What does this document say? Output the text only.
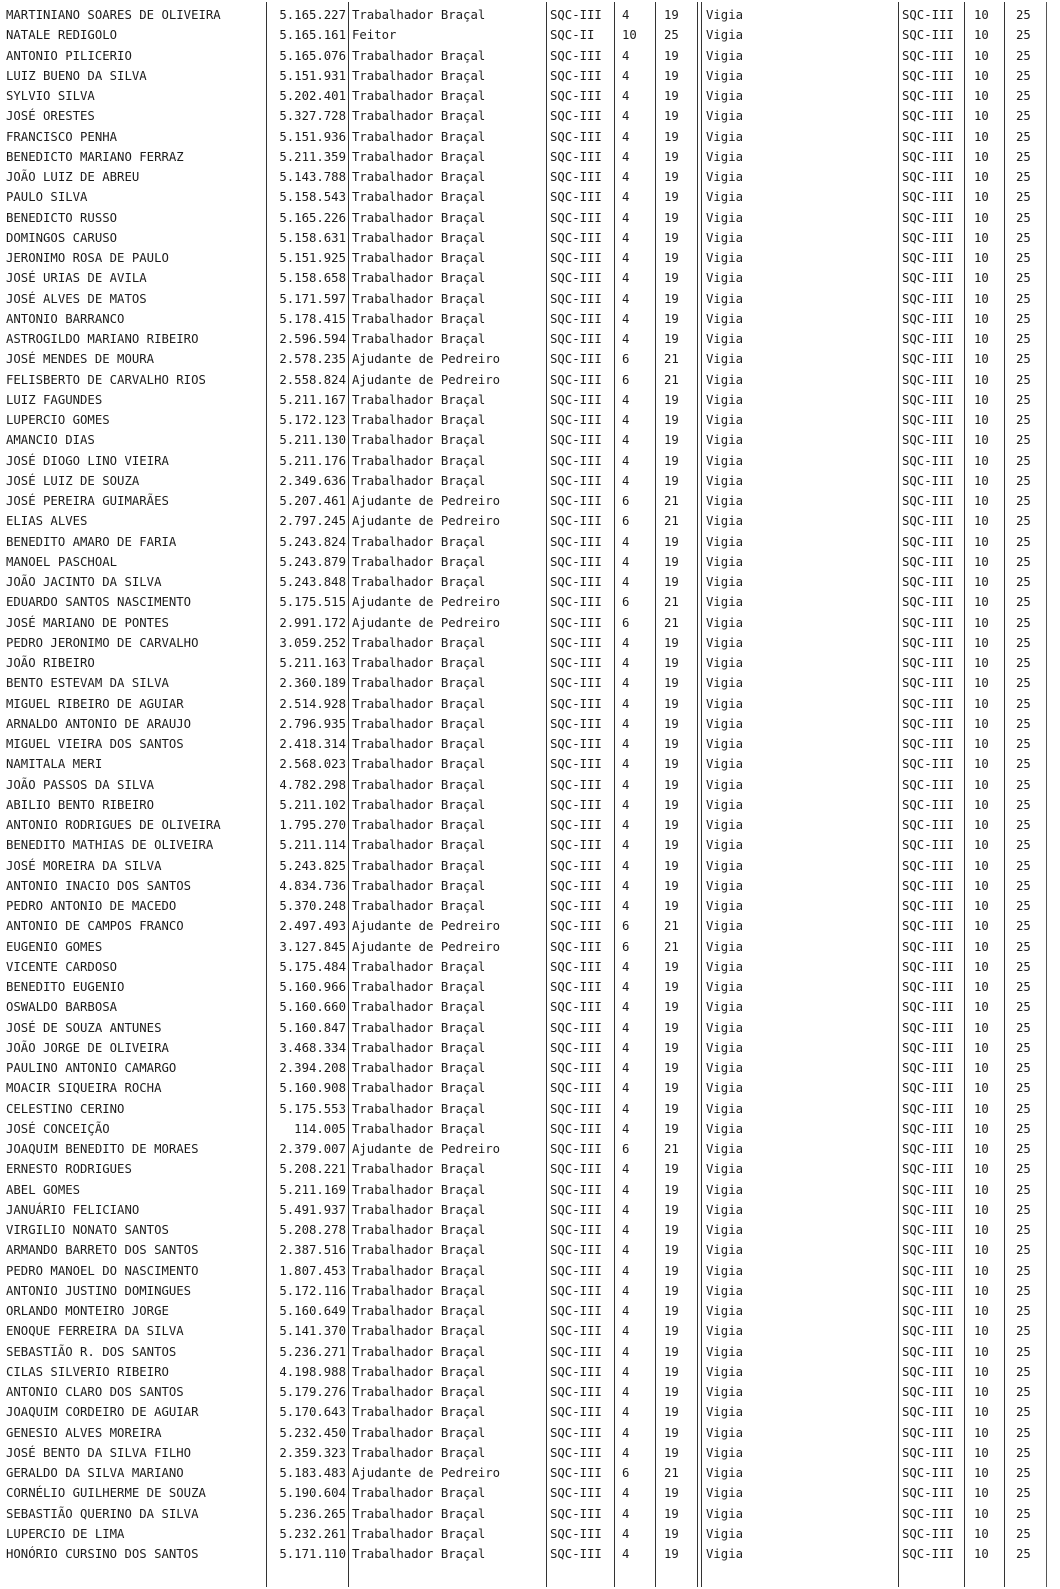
MARTINIANO SOARES DE OLIVEIRA	5.165.227 Trabalhador Braçal	SQC-III 4	19 Vigia	SQC-III 10 25
NATALE REDIGOLO	5.165.161 Feitor	SQC-II 10 25 Vigia	SQC-III 10 25
ANTONIO PILICERIO	5.165.076 Trabalhador Braçal	SQC-III 4	19 Vigia	SQC-III 10 25
LUIZ BUENO DA SILVA	5.151.931 Trabalhador Braçal	SQC-III 4	19 Vigia	SQC-III 10 25
SYLVIO SILVA	5.202.401 Trabalhador Braçal	SQC-III 4	19 Vigia	SQC-III 10 25
JOSÉ ORESTES	5.327.728 Trabalhador Braçal	SQC-III 4	19 Vigia	SQC-III 10 25
FRANCISCO PENHA	5.151.936 Trabalhador Braçal	SQC-III 4	19 Vigia	SQC-III 10 25
BENEDICTO MARIANO FERRAZ	5.211.359 Trabalhador Braçal	SQC-III 4	19 Vigia	SQC-III 10 25
JOÃO LUIZ DE ABREU	5.143.788 Trabalhador Braçal	SQC-III 4	19 Vigia	SQC-III 10 25
PAULO SILVA	5.158.543 Trabalhador Braçal	SQC-III 4	19 Vigia	SQC-III 10 25
BENEDICTO RUSSO	5.165.226 Trabalhador Braçal	SQC-III 4	19 Vigia	SQC-III 10 25
DOMINGOS CARUSO	5.158.631 Trabalhador Braçal	SQC-III 4	19 Vigia	SQC-III 10 25
JERONIMO ROSA DE PAULO	5.151.925 Trabalhador Braçal	SQC-III 4	19 Vigia	SQC-III 10 25
JOSÉ URIAS DE AVILA	5.158.658 Trabalhador Braçal	SQC-III 4	19 Vigia	SQC-III 10 25
JOSÉ ALVES DE MATOS	5.171.597 Trabalhador Braçal	SQC-III 4	19 Vigia	SQC-III 10 25
ANTONIO BARRANCO	5.178.415 Trabalhador Braçal	SQC-III 4	19 Vigia	SQC-III 10 25
ASTROGILDO MARIANO RIBEIRO	2.596.594 Trabalhador Braçal	SQC-III 4	19 Vigia	SQC-III 10 25
JOSÉ MENDES DE MOURA	2.578.235 Ajudante de Pedreiro	SQC-III 6	21 Vigia	SQC-III 10 25
FELISBERTO DE CARVALHO RIOS	2.558.824 Ajudante de Pedreiro	SQC-III 6	21 Vigia	SQC-III 10 25
LUIZ FAGUNDES	5.211.167 Trabalhador Braçal	SQC-III 4	19 Vigia	SQC-III 10 25
LUPERCIO GOMES	5.172.123 Trabalhador Braçal	SQC-III 4	19 Vigia	SQC-III 10 25
AMANCIO DIAS	5.211.130 Trabalhador Braçal	SQC-III 4	19 Vigia	SQC-III 10 25
JOSÉ DIOGO LINO VIEIRA	5.211.176 Trabalhador Braçal	SQC-III 4	19 Vigia	SQC-III 10 25
JOSÉ LUIZ DE SOUZA	2.349.636 Trabalhador Braçal	SQC-III 4	19 Vigia	SQC-III 10 25
JOSÉ PEREIRA GUIMARÃES	5.207.461 Ajudante de Pedreiro	SQC-III 6	21 Vigia	SQC-III 10 25
ELIAS ALVES	2.797.245 Ajudante de Pedreiro	SQC-III 6	21 Vigia	SQC-III 10 25
BENEDITO AMARO DE FARIA	5.243.824 Trabalhador Braçal	SQC-III 4	19 Vigia	SQC-III 10 25
MANOEL PASCHOAL	5.243.879 Trabalhador Braçal	SQC-III 4	19 Vigia	SQC-III 10 25
JOÃO JACINTO DA SILVA	5.243.848 Trabalhador Braçal	SQC-III 4	19 Vigia	SQC-III 10 25
EDUARDO SANTOS NASCIMENTO	5.175.515 Ajudante de Pedreiro	SQC-III 6	21 Vigia	SQC-III 10 25
JOSÉ MARIANO DE PONTES	2.991.172 Ajudante de Pedreiro	SQC-III 6	21 Vigia	SQC-III 10 25
PEDRO JERONIMO DE CARVALHO	3.059.252 Trabalhador Braçal	SQC-III 4	19 Vigia	SQC-III 10 25
JOÃO RIBEIRO	5.211.163 Trabalhador Braçal	SQC-III 4	19 Vigia	SQC-III 10 25
BENTO ESTEVAM DA SILVA	2.360.189 Trabalhador Braçal	SQC-III 4	19 Vigia	SQC-III 10 25
MIGUEL RIBEIRO DE AGUIAR	2.514.928 Trabalhador Braçal	SQC-III 4	19 Vigia	SQC-III 10 25
ARNALDO ANTONIO DE ARAUJO	2.796.935 Trabalhador Braçal	SQC-III 4	19 Vigia	SQC-III 10 25
MIGUEL VIEIRA DOS SANTOS	2.418.314 Trabalhador Braçal	SQC-III 4	19 Vigia	SQC-III 10 25
NAMITALA MERI	2.568.023 Trabalhador Braçal	SQC-III 4	19 Vigia	SQC-III 10 25
JOÃO PASSOS DA SILVA	4.782.298 Trabalhador Braçal	SQC-III 4	19 Vigia	SQC-III 10 25
ABILIO BENTO RIBEIRO	5.211.102 Trabalhador Braçal	SQC-III 4	19 Vigia	SQC-III 10 25
ANTONIO RODRIGUES DE OLIVEIRA	1.795.270 Trabalhador Braçal	SQC-III 4	19 Vigia	SQC-III 10 25
BENEDITO MATHIAS DE OLIVEIRA	5.211.114 Trabalhador Braçal	SQC-III 4	19 Vigia	SQC-III 10 25
JOSÉ MOREIRA DA SILVA	5.243.825 Trabalhador Braçal	SQC-III 4	19 Vigia	SQC-III 10 25
ANTONIO INACIO DOS SANTOS	4.834.736 Trabalhador Braçal	SQC-III 4	19 Vigia	SQC-III 10 25
PEDRO ANTONIO DE MACEDO	5.370.248 Trabalhador Braçal	SQC-III 4	19 Vigia	SQC-III 10 25
ANTONIO DE CAMPOS FRANCO	2.497.493 Ajudante de Pedreiro	SQC-III 6	21 Vigia	SQC-III 10 25
EUGENIO GOMES	3.127.845 Ajudante de Pedreiro	SQC-III 6	21 Vigia	SQC-III 10 25
VICENTE CARDOSO	5.175.484 Trabalhador Braçal	SQC-III 4	19 Vigia	SQC-III 10 25
BENEDITO EUGENIO	5.160.966 Trabalhador Braçal	SQC-III 4	19 Vigia	SQC-III 10 25
OSWALDO BARBOSA	5.160.660 Trabalhador Braçal	SQC-III 4	19 Vigia	SQC-III 10 25
JOSÉ DE SOUZA ANTUNES	5.160.847 Trabalhador Braçal	SQC-III 4	19 Vigia	SQC-III 10 25
JOÃO JORGE DE OLIVEIRA	3.468.334 Trabalhador Braçal	SQC-III 4	19 Vigia	SQC-III 10 25
PAULINO ANTONIO CAMARGO	2.394.208 Trabalhador Braçal	SQC-III 4	19 Vigia	SQC-III 10 25
MOACIR SIQUEIRA ROCHA	5.160.908 Trabalhador Braçal	SQC-III 4	19 Vigia	SQC-III 10 25
CELESTINO CERINO	5.175.553 Trabalhador Braçal	SQC-III 4	19 Vigia	SQC-III 10 25
JOSÉ CONCEIÇÃO	114.005 Trabalhador Braçal	SQC-III 4	19 Vigia	SQC-III 10 25
JOAQUIM BENEDITO DE MORAES	2.379.007 Ajudante de Pedreiro	SQC-III 6	21 Vigia	SQC-III 10 25
ERNESTO RODRIGUES	5.208.221 Trabalhador Braçal	SQC-III 4	19 Vigia	SQC-III 10 25
ABEL GOMES	5.211.169 Trabalhador Braçal	SQC-III 4	19 Vigia	SQC-III 10 25
JANUÁRIO FELICIANO	5.491.937 Trabalhador Braçal	SQC-III 4	19 Vigia	SQC-III 10 25
VIRGILIO NONATO SANTOS	5.208.278 Trabalhador Braçal	SQC-III 4	19 Vigia	SQC-III 10 25
ARMANDO BARRETO DOS SANTOS	2.387.516 Trabalhador Braçal	SQC-III 4	19 Vigia	SQC-III 10 25
PEDRO MANOEL DO NASCIMENTO	1.807.453 Trabalhador Braçal	SQC-III 4	19 Vigia	SQC-III 10 25
ANTONIO JUSTINO DOMINGUES	5.172.116 Trabalhador Braçal	SQC-III 4	19 Vigia	SQC-III 10 25
ORLANDO MONTEIRO JORGE	5.160.649 Trabalhador Braçal	SQC-III 4	19 Vigia	SQC-III 10 25
ENOQUE FERREIRA DA SILVA	5.141.370 Trabalhador Braçal	SQC-III 4	19 Vigia	SQC-III 10 25
SEBASTIÃO R. DOS SANTOS	5.236.271 Trabalhador Braçal	SQC-III 4	19 Vigia	SQC-III 10 25
CILAS SILVERIO RIBEIRO	4.198.988 Trabalhador Braçal	SQC-III 4	19 Vigia	SQC-III 10 25
ANTONIO CLARO DOS SANTOS	5.179.276 Trabalhador Braçal	SQC-III 4	19 Vigia	SQC-III 10 25
JOAQUIM CORDEIRO DE AGUIAR	5.170.643 Trabalhador Braçal	SQC-III 4	19 Vigia	SQC-III 10 25
GENESIO ALVES MOREIRA	5.232.450 Trabalhador Braçal	SQC-III 4	19 Vigia	SQC-III 10 25
JOSÉ BENTO DA SILVA FILHO	2.359.323 Trabalhador Braçal	SQC-III 4	19 Vigia	SQC-III 10 25
GERALDO DA SILVA MARIANO	5.183.483 Ajudante de Pedreiro	SQC-III 6	21 Vigia	SQC-III 10 25
CORNÉLIO GUILHERME DE SOUZA	5.190.604 Trabalhador Braçal	SQC-III 4	19 Vigia	SQC-III 10 25
SEBASTIÃO QUERINO DA SILVA	5.236.265 Trabalhador Braçal	SQC-III 4	19 Vigia	SQC-III 10 25
LUPERCIO DE LIMA	5.232.261 Trabalhador Braçal	SQC-III 4	19 Vigia	SQC-III 10 25
HONÓRIO CURSINO DOS SANTOS	5.171.110 Trabalhador Braçal	SQC-III 4	19 Vigia	SQC-III 10 25
